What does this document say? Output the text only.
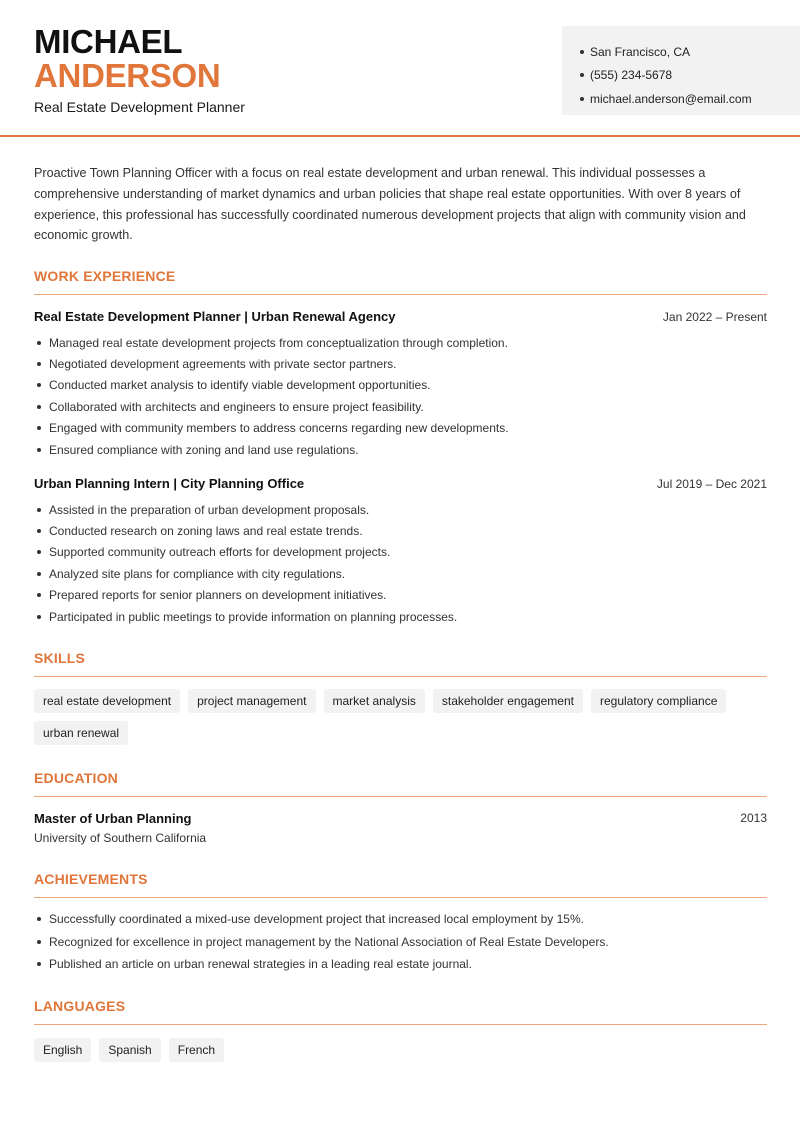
MICHAEL
ANDERSON
Real Estate Development Planner
San Francisco, CA
(555) 234-5678
michael.anderson@email.com

Proactive Town Planning Officer with a focus on real estate development and urban renewal. This individual possesses a comprehensive understanding of market dynamics and urban policies that shape real estate opportunities. With over 8 years of experience, this professional has successfully coordinated numerous development projects that align with community vision and economic growth.

WORK EXPERIENCE
Real Estate Development Planner | Urban Renewal Agency	Jan 2022 – Present
Managed real estate development projects from conceptualization through completion.
Negotiated development agreements with private sector partners.
Conducted market analysis to identify viable development opportunities.
Collaborated with architects and engineers to ensure project feasibility.
Engaged with community members to address concerns regarding new developments.
Ensured compliance with zoning and land use regulations.
Urban Planning Intern | City Planning Office	Jul 2019 – Dec 2021
Assisted in the preparation of urban development proposals.
Conducted research on zoning laws and real estate trends.
Supported community outreach efforts for development projects.
Analyzed site plans for compliance with city regulations.
Prepared reports for senior planners on development initiatives.
Participated in public meetings to provide information on planning processes.
SKILLS
real estate development	project management	market analysis	stakeholder engagement	regulatory compliance
urban renewal
EDUCATION
Master of Urban Planning	2013
University of Southern California
ACHIEVEMENTS
Successfully coordinated a mixed-use development project that increased local employment by 15%.
Recognized for excellence in project management by the National Association of Real Estate Developers.
Published an article on urban renewal strategies in a leading real estate journal.
LANGUAGES
English	Spanish	French
